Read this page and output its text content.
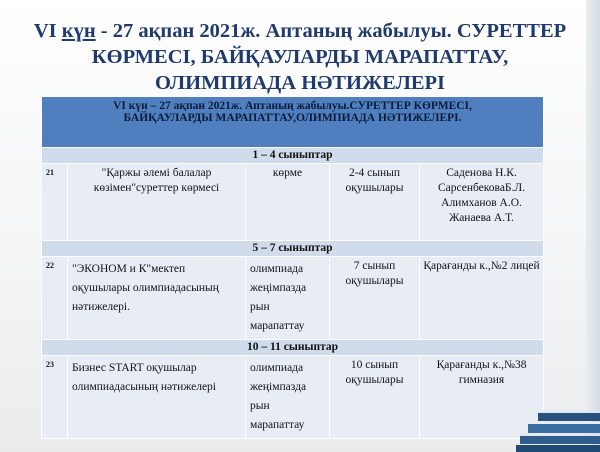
VI күн - 27 ақпан 2021ж. Аптаның жабылуы. СУРЕТТЕР
КӨРМЕСІ, БАЙҚАУЛАРДЫ МАРАПАТТАУ,
ОЛИМПИАДА НӘТИЖЕЛЕРІ
VI күн – 27 ақпан 2021ж. Аптаның жабылуы.СУРЕТТЕР КӨРМЕСІ,
БАЙҚАУЛАРДЫ МАРАПАТТАУ,ОЛИМПИАДА НӘТИЖЕЛЕРІ.				

1 – 4 сыныптар				
21	"Қаржы әлемі балалар көзімен"суреттер көрмесі	көрме	2-4 сынып оқушылары	Саденова Н.К. СарсенбековаБ.Л. Алимханов А.О. Жанаева А.Т.
5 – 7 сыныптар				
22	"ЭКОНОМ и К"мектеп оқушылары олимпиадасының нәтижелері.	олимпиада жеңімпазда рын марапаттау	7 сынып оқушылары	Қарағанды к.,№2 лицей
10 – 11 сыныптар				
23	Бизнес START оқушылар олимпиадасының нәтижелері	олимпиада жеңімпазда рын марапаттау	10 сынып оқушылары	Қарағанды к.,№38 гимназия
